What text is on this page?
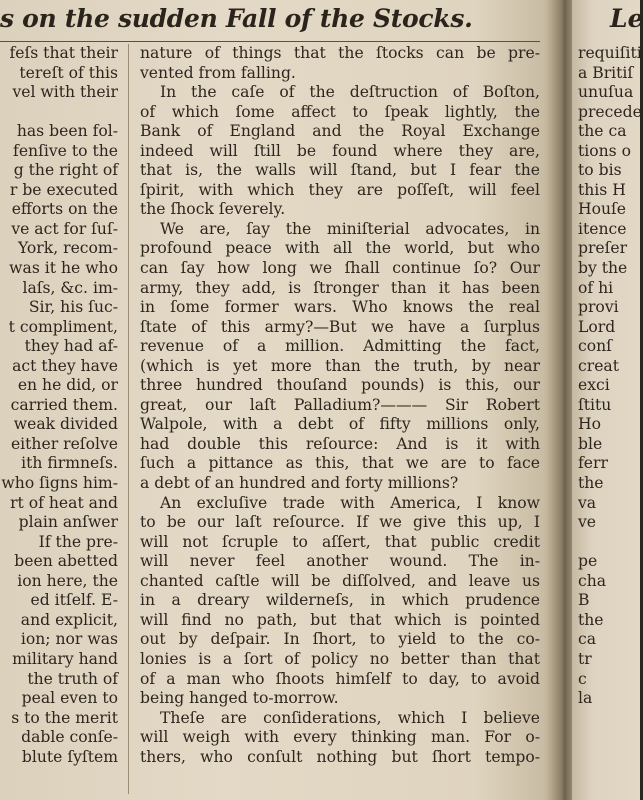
s on the sudden Fall of the Stocks.
feſs that their
tereſt of this
vel with their

has been fol-
fenſive to the
g the right of
r be executed
efforts on the
ve act for ſuſ-
York, recom-
was it he who
laſs, &c. im-
Sir, his ſuc-
t compliment,
they had af-
act they have
en he did, or
carried them.
weak divided
either reſolve
ith firmneſs.
who ſigns him-
rt of heat and
plain anſwer
If the pre-
been abetted
ion here, the
ed itſelf. E-
and explicit,
ion; nor was
military hand
the truth of
peal even to
s to the merit
dable conſe-
blute ſyſtem

nature of things that the ſtocks can be pre-
vented from falling.
In the caſe of the deſtruction of Boſton,
of which ſome affect to ſpeak lightly, the
Bank of England and the Royal Exchange
indeed will ſtill be found where they are,
that is, the walls will ſtand, but I fear the
ſpirit, with which they are poſſeſt, will feel
the ſhock ſeverely.
We are, ſay the miniſterial advocates, in
profound peace with all the world, but who
can ſay how long we ſhall continue ſo? Our
army, they add, is ſtronger than it has been
in ſome former wars. Who knows the real
ſtate of this army?—But we have a ſurplus
revenue of a million. Admitting the fact,
(which is yet more than the truth, by near
three hundred thouſand pounds) is this, our
great, our laſt Palladium?——— Sir Robert
Walpole, with a debt of fifty millions only,
had double this reſource: And is it with
ſuch a pittance as this, that we are to face
a debt of an hundred and forty millions?
An excluſive trade with America, I know
to be our laſt reſource. If we give this up, I
will not ſcruple to aſſert, that public credit
will never feel another wound. The in-
chanted caſtle will be diſſolved, and leave us
in a dreary wilderneſs, in which prudence
will find no path, but that which is pointed
out by deſpair. In ſhort, to yield to the co-
lonies is a ſort of policy no better than that
of a man who ſhoots himſelf to day, to avoid
being hanged to-morrow.
Theſe are conſiderations, which I believe
will weigh with every thinking man. For o-
thers, who conſult nothing but ſhort tempo-

Le
requiſiti
a Britiſ
unuſua
precede
the ca
tions o
to bis
this H
Houſe
itence
preſer
by the
of hi
provi
Lord
conſ
creat
exci
ſtitu
Ho
ble
ferr
the
va
ve

pe
cha
B
the
ca
tr
c
la
